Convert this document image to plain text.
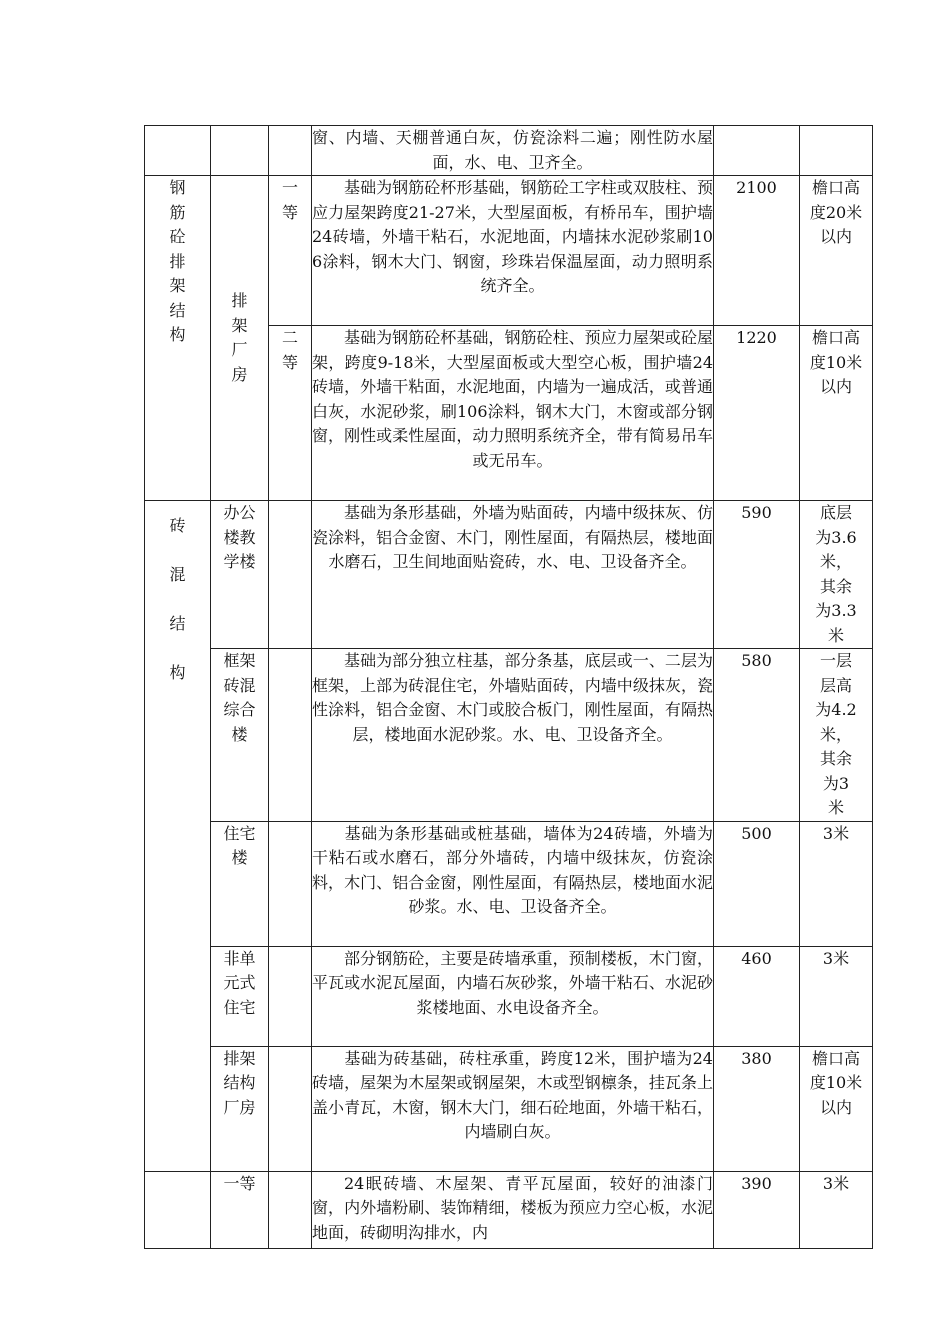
			窗、内墙、天棚普通白灰，仿瓷涂料二遍；刚性防水屋面，水、电、卫齐全。		
钢筋砼排架结构	排架厂房	一等	基础为钢筋砼杯形基础，钢筋砼工字柱或双肢柱、预应力屋架跨度21-27米，大型屋面板，有桥吊车，围护墙24砖墙，外墙干粘石，水泥地面，内墙抹水泥砂浆刷106涂料，钢木大门、钢窗，珍珠岩保温屋面，动力照明系统齐全。	2100	檐口高度20米以内
		二等	基础为钢筋砼杯基础，钢筋砼柱、预应力屋架或砼屋架，跨度9-18米，大型屋面板或大型空心板，围护墙24砖墙，外墙干粘面，水泥地面，内墙为一遍成活，或普通白灰，水泥砂浆，刷106涂料，钢木大门，木窗或部分钢窗，刚性或柔性屋面，动力照明系统齐全，带有简易吊车或无吊车。	1220	檐口高度10米以内
砖混结构	办公楼教学楼		基础为条形基础，外墙为贴面砖，内墙中级抹灰、仿瓷涂料，铝合金窗、木门，刚性屋面，有隔热层，楼地面水磨石，卫生间地面贴瓷砖，水、电、卫设备齐全。	590	底层为3.6米，其余为3.3米
	框架砖混综合楼		基础为部分独立柱基，部分条基，底层或一、二层为框架，上部为砖混住宅，外墙贴面砖，内墙中级抹灰，瓷性涂料，铝合金窗、木门或胶合板门，刚性屋面，有隔热层，楼地面水泥砂浆。水、电、卫设备齐全。	580	一层层高为4.2米，其余为3米
	住宅楼		基础为条形基础或桩基础，墙体为24砖墙，外墙为干粘石或水磨石，部分外墙砖，内墙中级抹灰，仿瓷涂料，木门、铝合金窗，刚性屋面，有隔热层，楼地面水泥砂浆。水、电、卫设备齐全。	500	3米
	非单元式住宅		部分钢筋砼，主要是砖墙承重，预制楼板，木门窗，平瓦或水泥瓦屋面，内墙石灰砂浆，外墙干粘石、水泥砂浆楼地面、水电设备齐全。	460	3米
	排架结构厂房		基础为砖基础，砖柱承重，跨度12米，围护墙为24砖墙，屋架为木屋架或钢屋架，木或型钢檩条，挂瓦条上盖小青瓦，木窗，钢木大门，细石砼地面，外墙干粘石，内墙刷白灰。	380	檐口高度10米以内
	一等		24眠砖墙、木屋架、青平瓦屋面，较好的油漆门窗，内外墙粉刷、装饰精细，楼板为预应力空心板，水泥地面，砖砌明沟排水，内	390	3米
